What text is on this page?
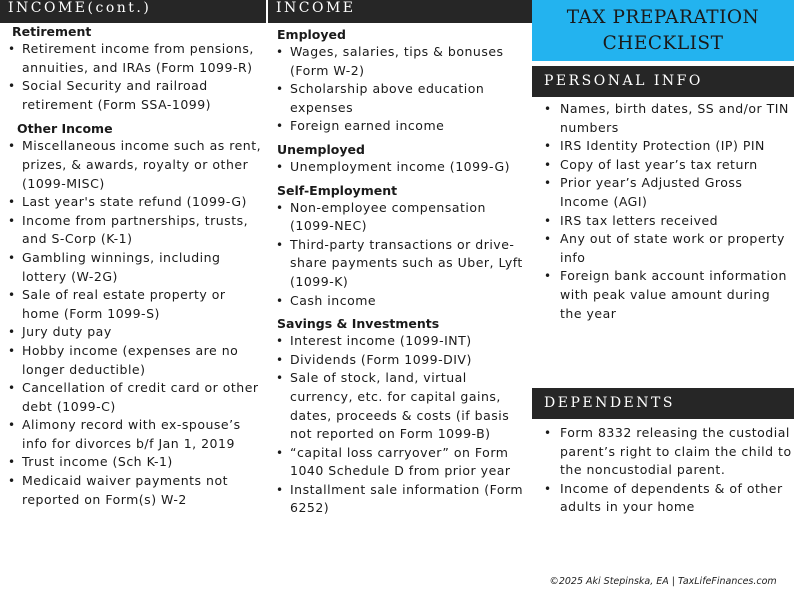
INCOME(cont.)
Retirement
• Retirement income from pensions, annuities, and IRAs (Form 1099-R)
• Social Security and railroad retirement (Form SSA-1099)
Other Income
• Miscellaneous income such as rent, prizes, & awards, royalty or other (1099-MISC)
• Last year's state refund (1099-G)
• Income from partnerships, trusts, and S-Corp (K-1)
• Gambling winnings, including lottery (W-2G)
• Sale of real estate property or home (Form 1099-S)
• Jury duty pay
• Hobby income (expenses are no longer deductible)
• Cancellation of credit card or other debt (1099-C)
• Alimony record with ex-spouse’s info for divorces b/f Jan 1, 2019
• Trust income (Sch K-1)
• Medicaid waiver payments not reported on Form(s) W-2
INCOME
Employed
• Wages, salaries, tips & bonuses (Form W-2)
• Scholarship above education expenses
• Foreign earned income
Unemployed
• Unemployment income (1099-G)
Self-Employment
• Non-employee compensation (1099-NEC)
• Third-party transactions or drive-share payments such as Uber, Lyft (1099-K)
• Cash income
Savings & Investments
• Interest income (1099-INT)
• Dividends (Form 1099-DIV)
• Sale of stock, land, virtual currency, etc. for capital gains, dates, proceeds & costs (if basis not reported on Form 1099-B)
• “capital loss carryover” on Form 1040 Schedule D from prior year
• Installment sale information (Form 6252)
TAX PREPARATION
CHECKLIST
PERSONAL INFO
• Names, birth dates, SS and/or TIN numbers
• IRS Identity Protection (IP) PIN
• Copy of last year’s tax return
• Prior year’s Adjusted Gross Income (AGI)
• IRS tax letters received
• Any out of state work or property info
• Foreign bank account information with peak value amount during the year
DEPENDENTS
• Form 8332 releasing the custodial parent’s right to claim the child to the noncustodial parent.
• Income of dependents & of other adults in your home
©2025 Aki Stepinska, EA | TaxLifeFinances.com
